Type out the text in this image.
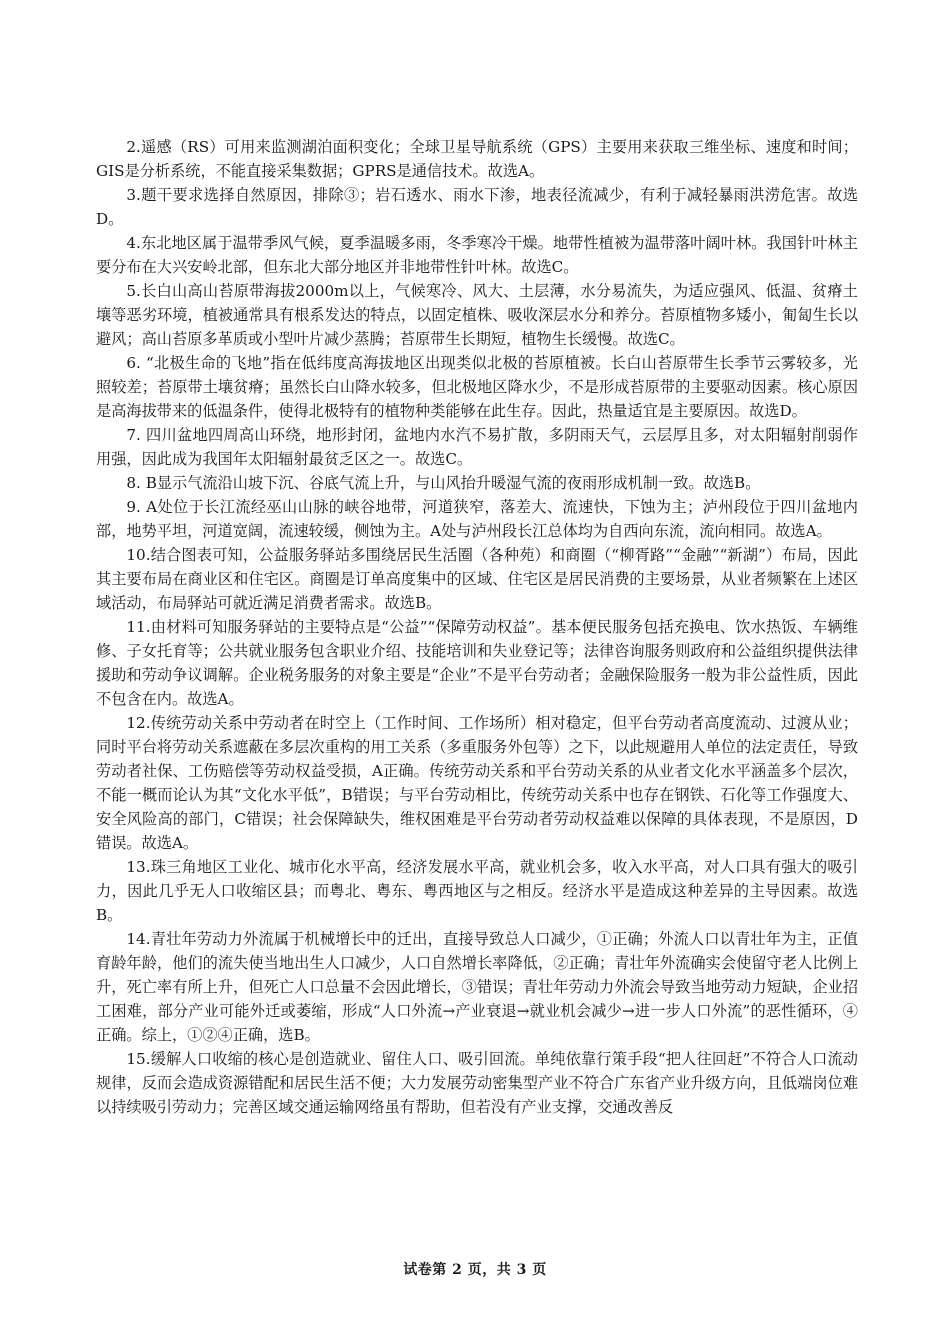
2.遥感（RS）可用来监测湖泊面积变化；全球卫星导航系统（GPS）主要用来获取三维坐标、速度和时间；GIS是分析系统，不能直接采集数据；GPRS是通信技术。故选A。

3.题干要求选择自然原因，排除③；岩石透水、雨水下渗，地表径流减少，有利于减轻暴雨洪涝危害。故选D。

4.东北地区属于温带季风气候，夏季温暖多雨，冬季寒冷干燥。地带性植被为温带落叶阔叶林。我国针叶林主要分布在大兴安岭北部，但东北大部分地区并非地带性针叶林。故选C。

5.长白山高山苔原带海拔2000m以上，气候寒冷、风大、土层薄，水分易流失，为适应强风、低温、贫瘠土壤等恶劣环境，植被通常具有根系发达的特点，以固定植株、吸收深层水分和养分。苔原植物多矮小，匍匐生长以避风；高山苔原多革质或小型叶片减少蒸腾；苔原带生长期短，植物生长缓慢。故选C。

6. “北极生命的飞地”指在低纬度高海拔地区出现类似北极的苔原植被。长白山苔原带生长季节云雾较多，光照较差；苔原带土壤贫瘠；虽然长白山降水较多，但北极地区降水少，不是形成苔原带的主要驱动因素。核心原因是高海拔带来的低温条件，使得北极特有的植物种类能够在此生存。因此，热量适宜是主要原因。故选D。

7. 四川盆地四周高山环绕，地形封闭，盆地内水汽不易扩散，多阴雨天气，云层厚且多，对太阳辐射削弱作用强，因此成为我国年太阳辐射最贫乏区之一。故选C。

8. B显示气流沿山坡下沉、谷底气流上升，与山风抬升暖湿气流的夜雨形成机制一致。故选B。

9. A处位于长江流经巫山山脉的峡谷地带，河道狭窄，落差大、流速快，下蚀为主；泸州段位于四川盆地内部，地势平坦，河道宽阔，流速较缓，侧蚀为主。A处与泸州段长江总体均为自西向东流，流向相同。故选A。

10.结合图表可知，公益服务驿站多围绕居民生活圈（各种苑）和商圈（“柳胥路”“金融”“新湖”）布局，因此其主要布局在商业区和住宅区。商圈是订单高度集中的区域、住宅区是居民消费的主要场景，从业者频繁在上述区域活动，布局驿站可就近满足消费者需求。故选B。

11.由材料可知服务驿站的主要特点是“公益”“保障劳动权益”。基本便民服务包括充换电、饮水热饭、车辆维修、子女托育等；公共就业服务包含职业介绍、技能培训和失业登记等；法律咨询服务则政府和公益组织提供法律援助和劳动争议调解。企业税务服务的对象主要是“企业”不是平台劳动者；金融保险服务一般为非公益性质，因此不包含在内。故选A。

12.传统劳动关系中劳动者在时空上（工作时间、工作场所）相对稳定，但平台劳动者高度流动、过渡从业；同时平台将劳动关系遮蔽在多层次重构的用工关系（多重服务外包等）之下，以此规避用人单位的法定责任，导致劳动者社保、工伤赔偿等劳动权益受损，A正确。传统劳动关系和平台劳动关系的从业者文化水平涵盖多个层次，不能一概而论认为其“文化水平低”，B错误；与平台劳动相比，传统劳动关系中也存在钢铁、石化等工作强度大、安全风险高的部门，C错误；社会保障缺失，维权困难是平台劳动者劳动权益难以保障的具体表现，不是原因，D错误。故选A。

13.珠三角地区工业化、城市化水平高，经济发展水平高，就业机会多，收入水平高，对人口具有强大的吸引力，因此几乎无人口收缩区县；而粤北、粤东、粤西地区与之相反。经济水平是造成这种差异的主导因素。故选B。

14.青壮年劳动力外流属于机械增长中的迁出，直接导致总人口减少，①正确；外流人口以青壮年为主，正值育龄年龄，他们的流失使当地出生人口减少，人口自然增长率降低，②正确；青壮年外流确实会使留守老人比例上升，死亡率有所上升，但死亡人口总量不会因此增长，③错误；青壮年劳动力外流会导致当地劳动力短缺，企业招工困难，部分产业可能外迁或萎缩，形成“人口外流→产业衰退→就业机会减少→进一步人口外流”的恶性循环，④正确。综上，①②④正确，选B。

15.缓解人口收缩的核心是创造就业、留住人口、吸引回流。单纯依靠行策手段“把人往回赶”不符合人口流动规律，反而会造成资源错配和居民生活不便；大力发展劳动密集型产业不符合广东省产业升级方向，且低端岗位难以持续吸引劳动力；完善区域交通运输网络虽有帮助，但若没有产业支撑，交通改善反

试卷第 2 页，共 3 页
